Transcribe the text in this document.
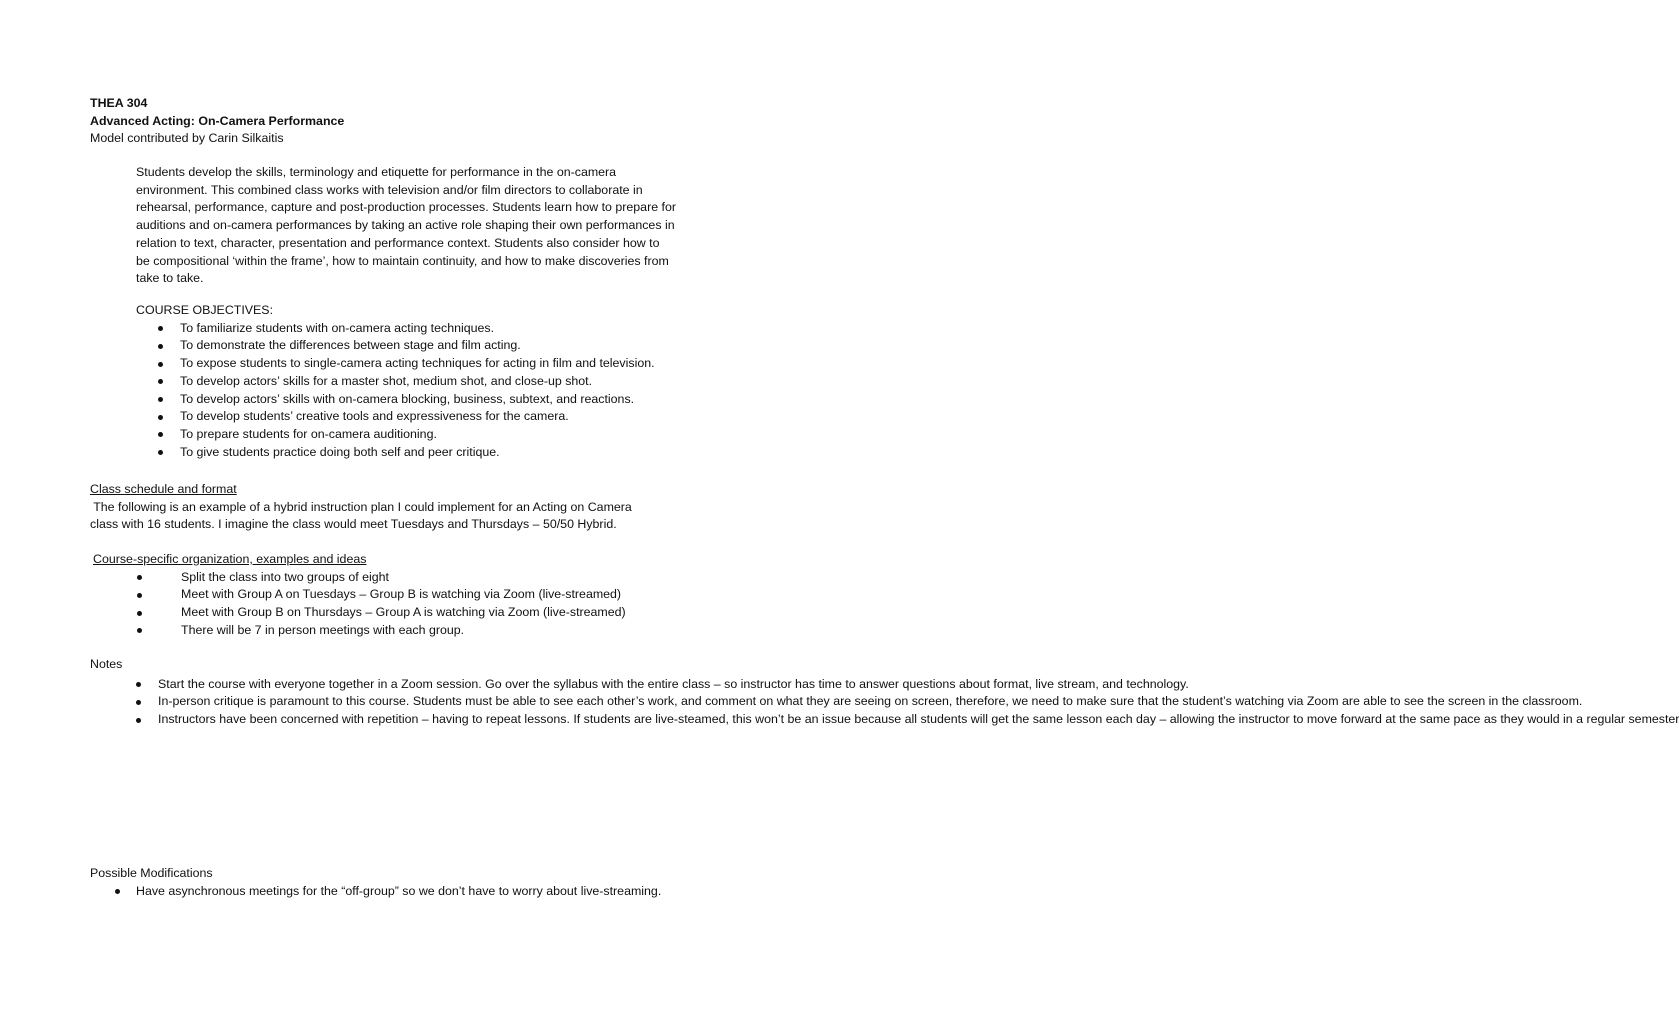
THEA 304
Advanced Acting: On-Camera Performance
Model contributed by Carin Silkaitis

Students develop the skills, terminology and etiquette for performance in the on-camera environment. This combined class works with television and/or film directors to collaborate in rehearsal, performance, capture and post-production processes. Students learn how to prepare for auditions and on-camera performances by taking an active role shaping their own performances in relation to text, character, presentation and performance context. Students also consider how to be compositional ‘within the frame’, how to maintain continuity, and how to make discoveries from take to take.

COURSE OBJECTIVES:
To familiarize students with on-camera acting techniques.
To demonstrate the differences between stage and film acting.
To expose students to single-camera acting techniques for acting in film and television.
To develop actors’ skills for a master shot, medium shot, and close-up shot.
To develop actors’ skills with on-camera blocking, business, subtext, and reactions.
To develop students’ creative tools and expressiveness for the camera.
To prepare students for on-camera auditioning.
To give students practice doing both self and peer critique.
Class schedule and format

The following is an example of a hybrid instruction plan I could implement for an Acting on Camera

class with 16 students. I imagine the class would meet Tuesdays and Thursdays – 50/50 Hybrid.

Course-specific organization, examples and ideas
Split the class into two groups of eight
Meet with Group A on Tuesdays – Group B is watching via Zoom (live-streamed)
Meet with Group B on Thursdays – Group A is watching via Zoom (live-streamed)
There will be 7 in person meetings with each group.
Notes
Start the course with everyone together in a Zoom session. Go over the syllabus with the entire class – so instructor has time to answer questions about format, live stream, and technology.
In-person critique is paramount to this course. Students must be able to see each other’s work, and comment on what they are seeing on screen, therefore, we need to make sure that the student’s watching via Zoom are able to see the screen in the classroom.
Instructors have been concerned with repetition – having to repeat lessons. If students are live-steamed, this won’t be an issue because all students will get the same lesson each day – allowing the instructor to move forward at the same pace as they would in a regular semester
Possible Modifications
Have asynchronous meetings for the “off-group” so we don’t have to worry about live-streaming.
